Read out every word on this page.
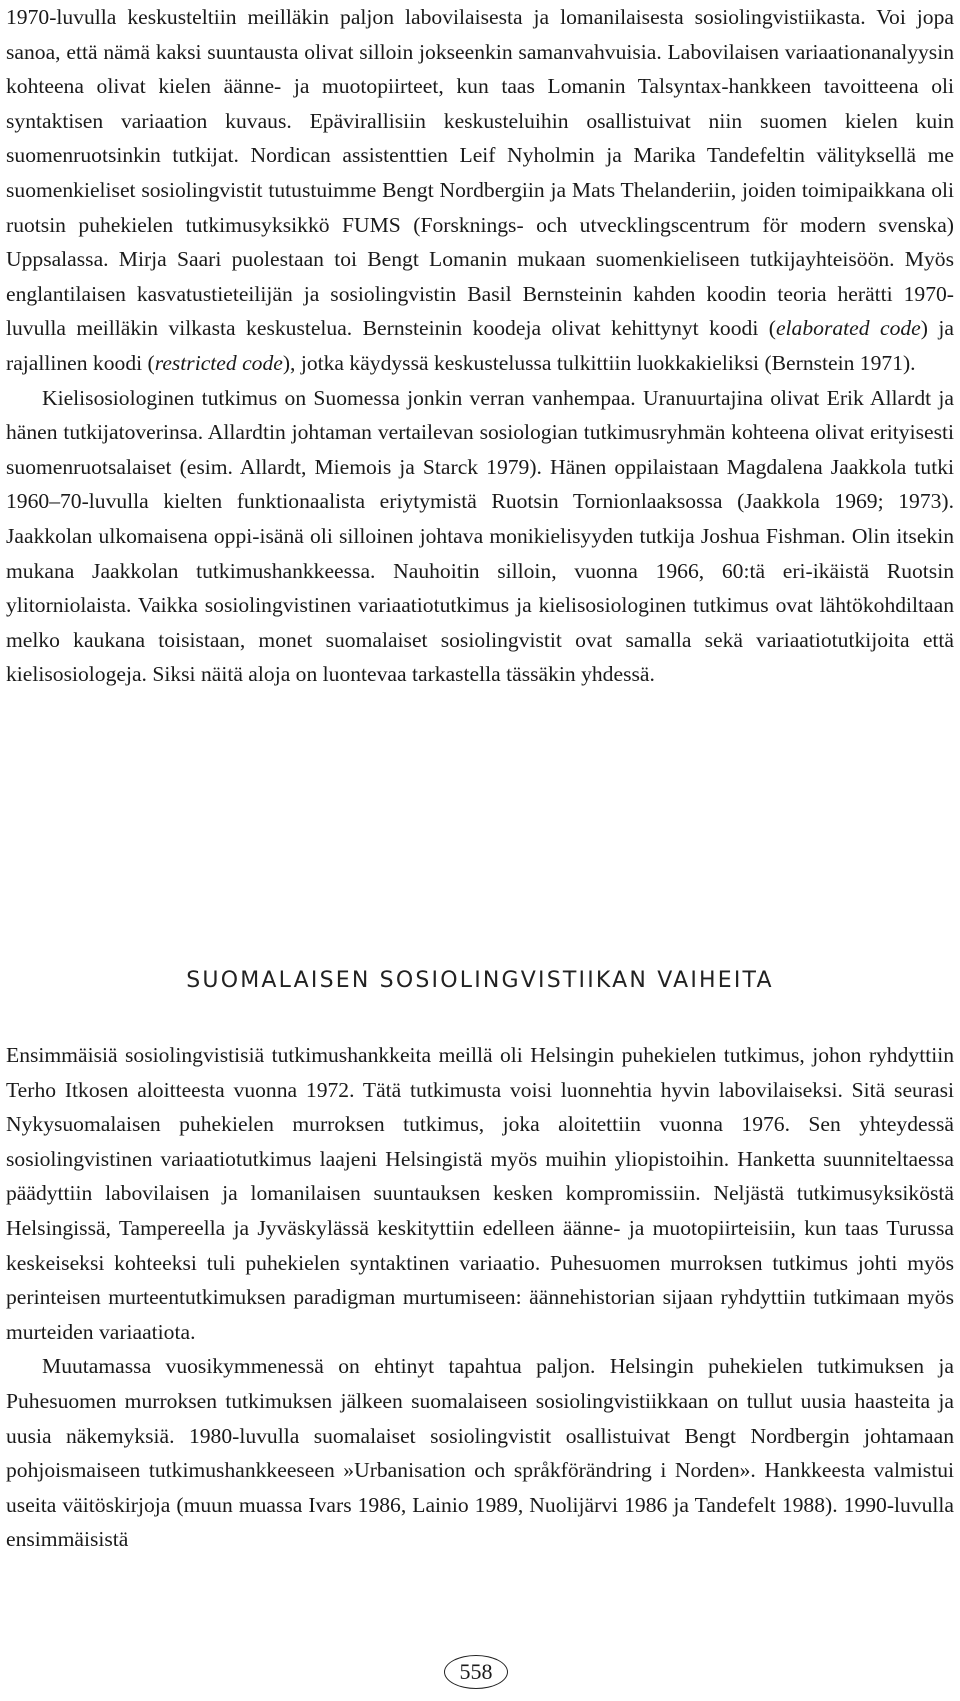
1970-luvulla keskusteltiin meilläkin paljon labovilaisesta ja lomanilaisesta sosiolingvistiikasta. Voi jopa sanoa, että nämä kaksi suuntausta olivat silloin jokseenkin samanvahvuisia. Labovilaisen variaationanalyysin kohteena olivat kielen äänne- ja muotopiirteet, kun taas Lomanin Talsyntax-hankkeen tavoitteena oli syntaktisen variaation kuvaus. Epävirallisiin keskusteluihin osallistuivat niin suomen kielen kuin suomenruotsinkin tutkijat. Nordican assistenttien Leif Nyholmin ja Marika Tandefeltin välityksellä me suomenkieliset sosiolingvistit tutustuimme Bengt Nordbergiin ja Mats Thelanderiin, joiden toimipaikkana oli ruotsin puhekielen tutkimusyksikkö FUMS (Forsknings- och utvecklingscentrum för modern svenska) Uppsalassa. Mirja Saari puolestaan toi Bengt Lomanin mukaan suomenkieliseen tutkijayhteisöön. Myös englantilaisen kasvatustieteilijän ja sosiolingvistin Basil Bernsteinin kahden koodin teoria herätti 1970-luvulla meilläkin vilkasta keskustelua. Bernsteinin koodeja olivat kehittynyt koodi (elaborated code) ja rajallinen koodi (restricted code), jotka käydyssä keskustelussa tulkittiin luokkakieliksi (Bernstein 1971).

Kielisosiologinen tutkimus on Suomessa jonkin verran vanhempaa. Uranuurtajina olivat Erik Allardt ja hänen tutkijatoverinsa. Allardtin johtaman vertailevan sosiologian tutkimusryhmän kohteena olivat erityisesti suomenruotsalaiset (esim. Allardt, Miemois ja Starck 1979). Hänen oppilaistaan Magdalena Jaakkola tutki 1960–70-luvulla kielten funktionaalista eriytymistä Ruotsin Tornionlaaksossa (Jaakkola 1969; 1973). Jaakkolan ulkomaisena oppi-isänä oli silloinen johtava monikielisyyden tutkija Joshua Fishman. Olin itsekin mukana Jaakkolan tutkimushankkeessa. Nauhoitin silloin, vuonna 1966, 60:tä eri-ikäistä Ruotsin ylitorniolaista. Vaikka sosiolingvistinen variaatiotutkimus ja kielisosiologinen tutkimus ovat lähtökohdiltaan melko kaukana toisistaan, monet suomalaiset sosiolingvistit ovat samalla sekä variaatiotutkijoita että kielisosiologeja. Siksi näitä aloja on luontevaa tarkastella tässäkin yhdessä.

SUOMALAISEN SOSIOLINGVISTIIKAN VAIHEITA

Ensimmäisiä sosiolingvistisiä tutkimushankkeita meillä oli Helsingin puhekielen tutkimus, johon ryhdyttiin Terho Itkosen aloitteesta vuonna 1972. Tätä tutkimusta voisi luonnehtia hyvin labovilaiseksi. Sitä seurasi Nykysuomalaisen puhekielen murroksen tutkimus, joka aloitettiin vuonna 1976. Sen yhteydessä sosiolingvistinen variaatiotutkimus laajeni Helsingistä myös muihin yliopistoihin. Hanketta suunniteltaessa päädyttiin labovilaisen ja lomanilaisen suuntauksen kesken kompromissiin. Neljästä tutkimusyksiköstä Helsingissä, Tampereella ja Jyväskylässä keskityttiin edelleen äänne- ja muotopiirteisiin, kun taas Turussa keskeiseksi kohteeksi tuli puhekielen syntaktinen variaatio. Puhesuomen murroksen tutkimus johti myös perinteisen murteentutkimuksen paradigman murtumiseen: äännehistorian sijaan ryhdyttiin tutkimaan myös murteiden variaatiota.

Muutamassa vuosikymmenessä on ehtinyt tapahtua paljon. Helsingin puhekielen tutkimuksen ja Puhesuomen murroksen tutkimuksen jälkeen suomalaiseen sosiolingvistiikkaan on tullut uusia haasteita ja uusia näkemyksiä. 1980-luvulla suomalaiset sosiolingvistit osallistuivat Bengt Nordbergin johtamaan pohjoismaiseen tutkimushankkeeseen »Urbanisation och språkförändring i Norden». Hankkeesta valmistui useita väitöskirjoja (muun muassa Ivars 1986, Lainio 1989, Nuolijärvi 1986 ja Tandefelt 1988). 1990-luvulla ensimmäisistä

558
